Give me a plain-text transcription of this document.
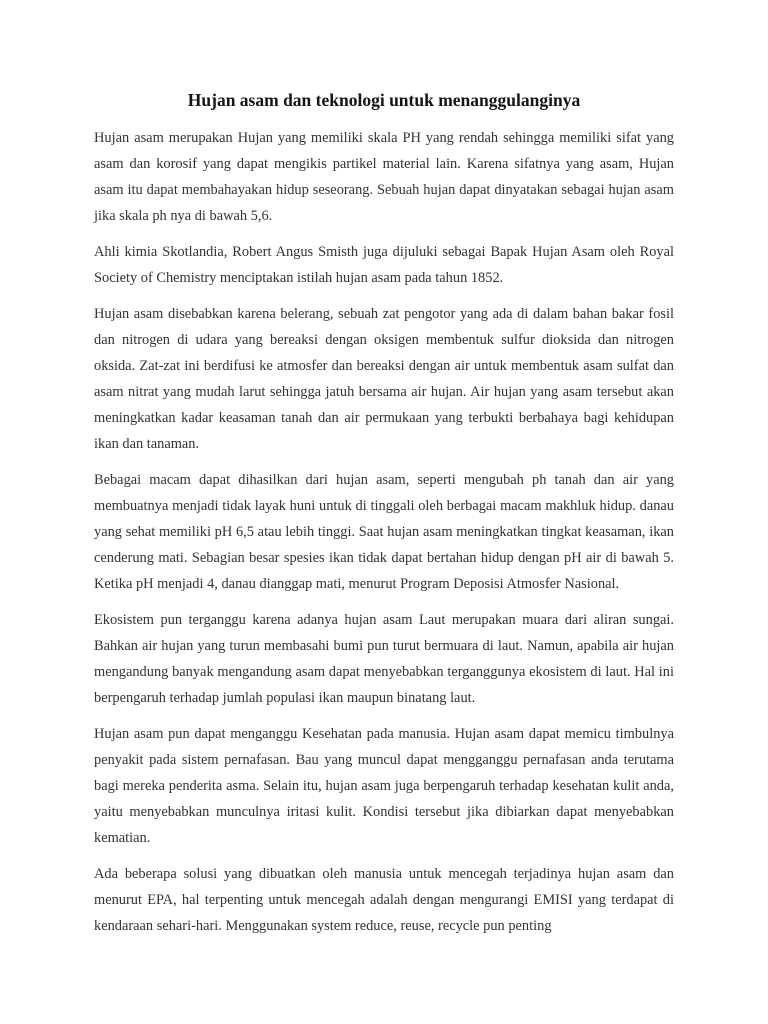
Hujan asam dan teknologi untuk menanggulanginya

Hujan asam merupakan Hujan yang memiliki skala PH yang rendah sehingga memiliki sifat yang asam dan korosif yang dapat mengikis partikel material lain. Karena sifatnya yang asam, Hujan asam itu dapat membahayakan hidup seseorang. Sebuah hujan dapat dinyatakan sebagai hujan asam jika skala ph nya di bawah 5,6.

Ahli kimia Skotlandia, Robert Angus Smisth juga dijuluki sebagai Bapak Hujan Asam oleh Royal Society of Chemistry menciptakan istilah hujan asam pada tahun 1852.

Hujan asam disebabkan karena belerang, sebuah zat pengotor yang ada di dalam bahan bakar fosil dan nitrogen di udara yang bereaksi dengan oksigen membentuk sulfur dioksida dan nitrogen oksida. Zat-zat ini berdifusi ke atmosfer dan bereaksi dengan air untuk membentuk asam sulfat dan asam nitrat yang mudah larut sehingga jatuh bersama air hujan. Air hujan yang asam tersebut akan meningkatkan kadar keasaman tanah dan air permukaan yang terbukti berbahaya bagi kehidupan ikan dan tanaman.

Bebagai macam dapat dihasilkan dari hujan asam, seperti mengubah ph tanah dan air yang membuatnya menjadi tidak layak huni untuk di tinggali oleh berbagai macam makhluk hidup. danau yang sehat memiliki pH 6,5 atau lebih tinggi. Saat hujan asam meningkatkan tingkat keasaman, ikan cenderung mati. Sebagian besar spesies ikan tidak dapat bertahan hidup dengan pH air di bawah 5. Ketika pH menjadi 4, danau dianggap mati, menurut Program Deposisi Atmosfer Nasional.

Ekosistem pun terganggu karena adanya hujan asam Laut merupakan muara dari aliran sungai. Bahkan air hujan yang turun membasahi bumi pun turut bermuara di laut. Namun, apabila air hujan mengandung banyak mengandung asam dapat menyebabkan terganggunya ekosistem di laut. Hal ini berpengaruh terhadap jumlah populasi ikan maupun binatang laut.

Hujan asam pun dapat menganggu Kesehatan pada manusia. Hujan asam dapat memicu timbulnya penyakit pada sistem pernafasan. Bau yang muncul dapat mengganggu pernafasan anda terutama bagi mereka penderita asma. Selain itu, hujan asam juga berpengaruh terhadap kesehatan kulit anda, yaitu menyebabkan munculnya iritasi kulit. Kondisi tersebut jika dibiarkan dapat menyebabkan kematian.

Ada beberapa solusi yang dibuatkan oleh manusia untuk mencegah terjadinya hujan asam dan menurut EPA, hal terpenting untuk mencegah adalah dengan mengurangi EMISI yang terdapat di kendaraan sehari-hari. Menggunakan system reduce, reuse, recycle pun penting
